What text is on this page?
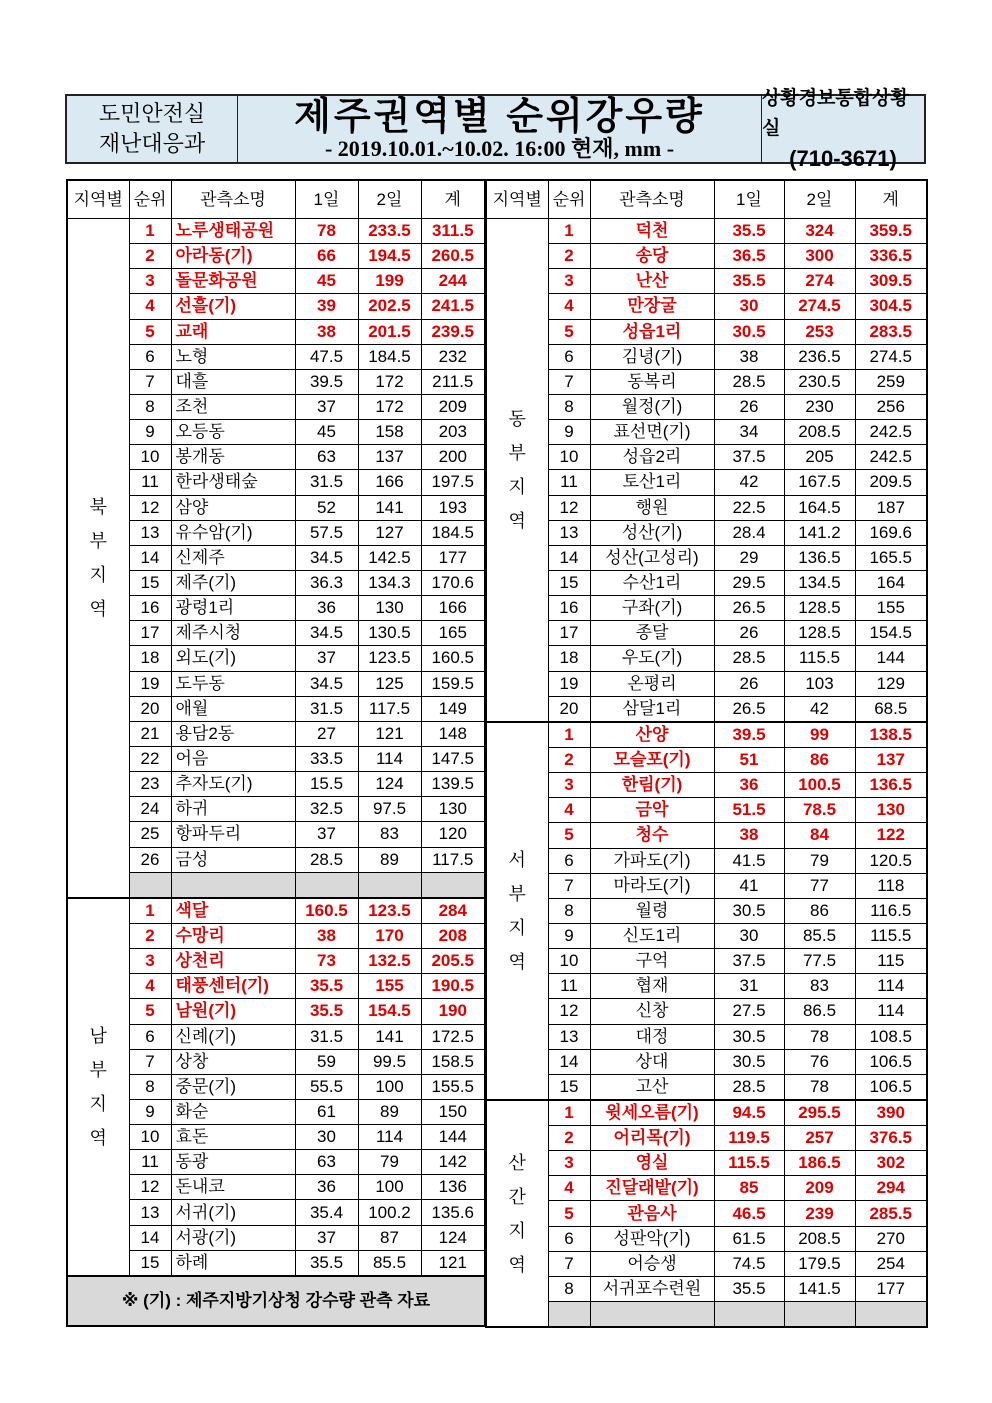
도민안전실
재난대응과
제주권역별 순위강우량
- 2019.10.01.~10.02. 16:00 현재, mm -
상황경보통합상황실
(710-3671)
지역별	순위	관측소명	1일	2일	계
북
부
지
역	1	노루생태공원	78	233.5	311.5
	2	아라동(기)	66	194.5	260.5
	3	돌문화공원	45	199	244
	4	선흘(기)	39	202.5	241.5
	5	교래	38	201.5	239.5
	6	노형	47.5	184.5	232
	7	대흘	39.5	172	211.5
	8	조천	37	172	209
	9	오등동	45	158	203
	10	봉개동	63	137	200
	11	한라생태숲	31.5	166	197.5
	12	삼양	52	141	193
	13	유수암(기)	57.5	127	184.5
	14	신제주	34.5	142.5	177
	15	제주(기)	36.3	134.3	170.6
	16	광령1리	36	130	166
	17	제주시청	34.5	130.5	165
	18	외도(기)	37	123.5	160.5
	19	도두동	34.5	125	159.5
	20	애월	31.5	117.5	149
	21	용담2동	27	121	148
	22	어음	33.5	114	147.5
	23	추자도(기)	15.5	124	139.5
	24	하귀	32.5	97.5	130
	25	항파두리	37	83	120
	26	금성	28.5	89	117.5

남
부
지
역	1	색달	160.5	123.5	284
	2	수망리	38	170	208
	3	상천리	73	132.5	205.5
	4	태풍센터(기)	35.5	155	190.5
	5	남원(기)	35.5	154.5	190
	6	신례(기)	31.5	141	172.5
	7	상창	59	99.5	158.5
	8	중문(기)	55.5	100	155.5
	9	화순	61	89	150
	10	효돈	30	114	144
	11	동광	63	79	142
	12	돈내코	36	100	136
	13	서귀(기)	35.4	100.2	135.6
	14	서광(기)	37	87	124
	15	하례	35.5	85.5	121
※ (기) : 제주지방기상청 강수량 관측 자료					
지역별	순위	관측소명	1일	2일	계
동
부
지
역	1	덕천	35.5	324	359.5
	2	송당	36.5	300	336.5
	3	난산	35.5	274	309.5
	4	만장굴	30	274.5	304.5
	5	성읍1리	30.5	253	283.5
	6	김녕(기)	38	236.5	274.5
	7	동복리	28.5	230.5	259
	8	월정(기)	26	230	256
	9	표선면(기)	34	208.5	242.5
	10	성읍2리	37.5	205	242.5
	11	토산1리	42	167.5	209.5
	12	행원	22.5	164.5	187
	13	성산(기)	28.4	141.2	169.6
	14	성산(고성리)	29	136.5	165.5
	15	수산1리	29.5	134.5	164
	16	구좌(기)	26.5	128.5	155
	17	종달	26	128.5	154.5
	18	우도(기)	28.5	115.5	144
	19	온평리	26	103	129
	20	삼달1리	26.5	42	68.5
서
부
지
역	1	산양	39.5	99	138.5
	2	모슬포(기)	51	86	137
	3	한림(기)	36	100.5	136.5
	4	금악	51.5	78.5	130
	5	청수	38	84	122
	6	가파도(기)	41.5	79	120.5
	7	마라도(기)	41	77	118
	8	월령	30.5	86	116.5
	9	신도1리	30	85.5	115.5
	10	구억	37.5	77.5	115
	11	협재	31	83	114
	12	신창	27.5	86.5	114
	13	대정	30.5	78	108.5
	14	상대	30.5	76	106.5
	15	고산	28.5	78	106.5
산
간
지
역	1	윗세오름(기)	94.5	295.5	390
	2	어리목(기)	119.5	257	376.5
	3	영실	115.5	186.5	302
	4	진달래밭(기)	85	209	294
	5	관음사	46.5	239	285.5
	6	성판악(기)	61.5	208.5	270
	7	어승생	74.5	179.5	254
	8	서귀포수련원	35.5	141.5	177
